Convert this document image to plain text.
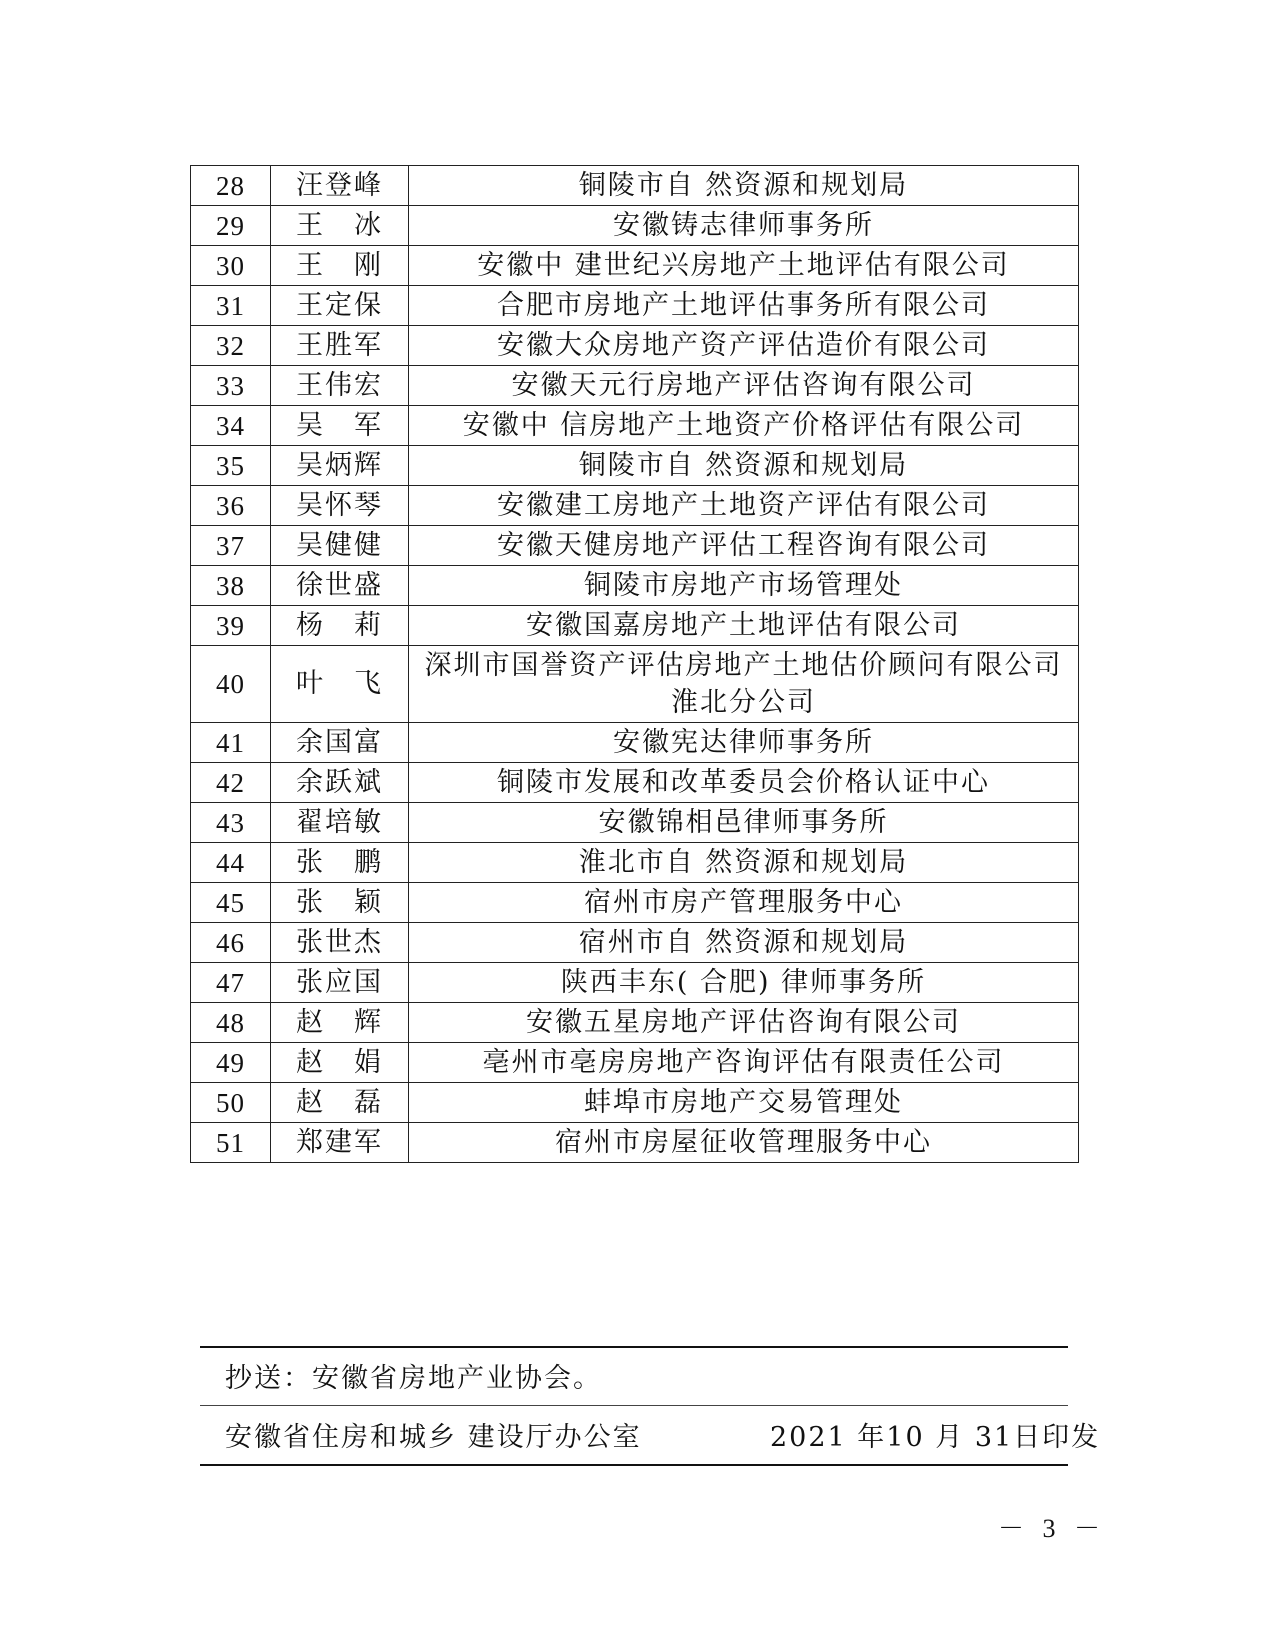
28	汪登峰	铜陵市自 然资源和规划局
29	王　冰	安徽铸志律师事务所
30	王　刚	安徽中 建世纪兴房地产土地评估有限公司
31	王定保	合肥市房地产土地评估事务所有限公司
32	王胜军	安徽大众房地产资产评估造价有限公司
33	王伟宏	安徽天元行房地产评估咨询有限公司
34	吴　军	安徽中 信房地产土地资产价格评估有限公司
35	吴炳辉	铜陵市自 然资源和规划局
36	吴怀琴	安徽建工房地产土地资产评估有限公司
37	吴健健	安徽天健房地产评估工程咨询有限公司
38	徐世盛	铜陵市房地产市场管理处
39	杨　莉	安徽国嘉房地产土地评估有限公司
40	叶　飞	深圳市国誉资产评估房地产土地估价顾问有限公司淮北分公司
41	余国富	安徽宪达律师事务所
42	余跃斌	铜陵市发展和改革委员会价格认证中心
43	翟培敏	安徽锦相邑律师事务所
44	张　鹏	淮北市自 然资源和规划局
45	张　颖	宿州市房产管理服务中心
46	张世杰	宿州市自 然资源和规划局
47	张应国	陕西丰东( 合肥) 律师事务所
48	赵　辉	安徽五星房地产评估咨询有限公司
49	赵　娟	亳州市亳房房地产咨询评估有限责任公司
50	赵　磊	蚌埠市房地产交易管理处
51	郑建军	宿州市房屋征收管理服务中心
抄送：安徽省房地产业协会。
安徽省住房和城乡 建设厅办公室	2021 年10 月 31日印发
－ 3 －
